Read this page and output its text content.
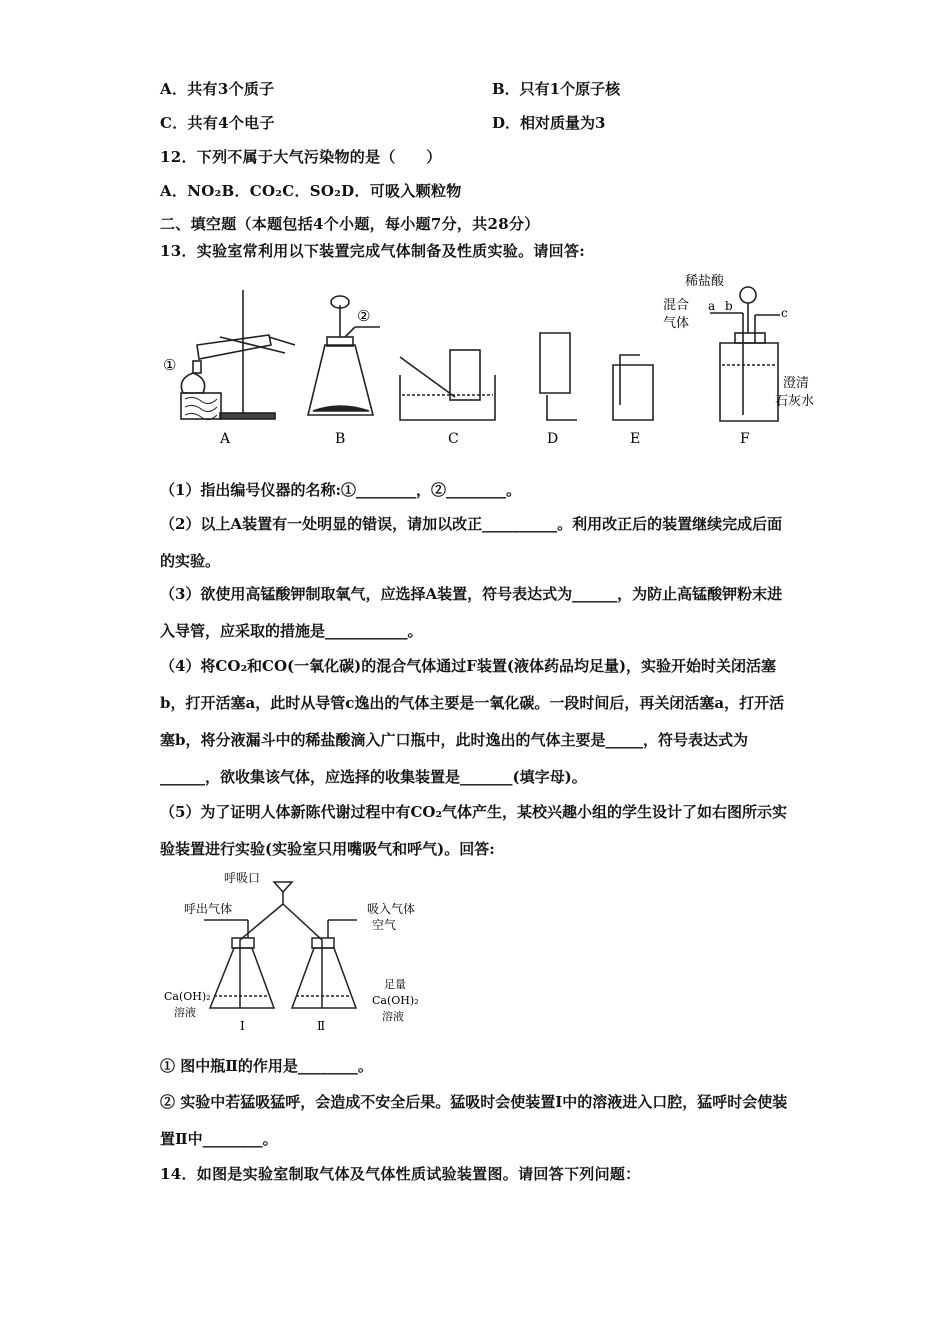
A．共有3个质子	B．只有1个原子核
C．共有4个电子	D．相对质量为3
12．下列不属于大气污染物的是（　　）
A．NO₂B．CO₂C．SO₂D．可吸入颗粒物
二、填空题（本题包括4个小题，每小题7分，共28分）
13．实验室常利用以下装置完成气体制备及性质实验。请回答:
①
A
②
B	C	D	E
稀盐酸
混合
气体
a b	c
澄清
石灰水
F
（1）指出编号仪器的名称:①________，②________。
（2）以上A装置有一处明显的错误，请加以改正__________。利用改正后的装置继续完成后面的实验。
（3）欲使用高锰酸钾制取氧气，应选择A装置，符号表达式为______，为防止高锰酸钾粉末进入导管，应采取的措施是___________。
（4）将CO₂和CO(一氧化碳)的混合气体通过F装置(液体药品均足量)，实验开始时关闭活塞b，打开活塞a，此时从导管c逸出的气体主要是一氧化碳。一段时间后，再关闭活塞a，打开活塞b，将分液漏斗中的稀盐酸滴入广口瓶中，此时逸出的气体主要是_____，符号表达式为______，欲收集该气体，应选择的收集装置是_______(填字母)。
（5）为了证明人体新陈代谢过程中有CO₂气体产生，某校兴趣小组的学生设计了如右图所示实验装置进行实验(实验室只用嘴吸气和呼气)。回答:
呼吸口
呼出气体	吸入气体
空气
Ca(OH)₂
溶液
足量
Ca(OH)₂
溶液
Ⅰ	Ⅱ
① 图中瓶Ⅱ的作用是________。
② 实验中若猛吸猛呼，会造成不安全后果。猛吸时会使装置Ⅰ中的溶液进入口腔，猛呼时会使装置Ⅱ中________。
14．如图是实验室制取气体及气体性质试验装置图。请回答下列问题：
